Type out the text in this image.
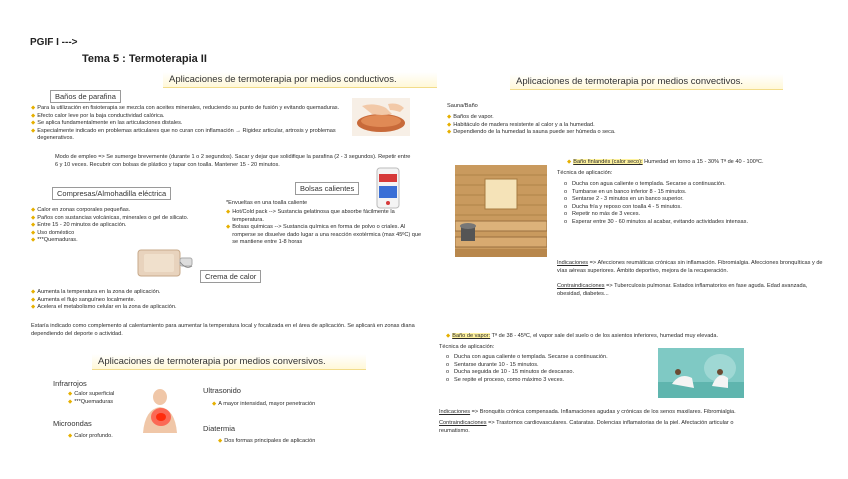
PGIF I --->
Tema 5 : Termoterapia II
Aplicaciones de termoterapia por medios conductivos.
Baños de parafina
◆ Para la utilización en fisioterapia se mezcla con aceites minerales, reduciendo su punto de fusión y evitando quemaduras.
◆ Efecto calor leve por la baja conductividad calórica.
◆ Se aplica fundamentalmente en las articulaciones distales.
◆ Especialmente indicado en problemas articulares que no curan con inflamación → Rigidez articular, artrosis y problemas degenerativos.
Modo de empleo => Se sumerge brevemente (durante 1 o 2 segundos). Sacar y dejar que solidifique la parafina (2 - 3 segundos). Repetir entre 6 y 10 veces. Recubrir con bolsas de plástico y tapar con toalla. Mantener 15 - 20 minutos.
Compresas/Almohadilla eléctrica
◆ Calor en zonas corporales pequeñas.
◆ Paños con sustancias volcánicas, minerales o gel de silicato.
◆ Entre 15 - 20 minutos de aplicación.
◆ Uso doméstico
◆ ***Quemaduras.
Bolsas calientes
*Envueltas en una toalla caliente
◆ Hot/Cold pack --> Sustancia gelatinosa que absorbe fácilmente la temperatura.
◆ Bolsas químicas --> Sustancia química en forma de polvo o criales. Al romperse se disuelve dado lugar a una reacción exotérmica (max 45ºC) que se mantiene entre 1-8 horas
Crema de calor
◆ Aumenta la temperatura en la zona de aplicación.
◆ Aumenta el flujo sanguíneo localmente.
◆ Acelera el metabolismo celular en la zona de aplicación.
Estaría indicado como complemento al calentamiento para aumentar la temperatura local y focalizada en el área de aplicación. Se aplicará en zonas diana dependiendo del deporte o actividad.
Aplicaciones de termoterapia por medios conversivos.
Infrarrojos
◆ Calor superficial
◆ ***Quemaduras
Microondas
◆ Calor profundo.
Ultrasonido
◆ A mayor intensidad, mayor penetración
Diatermia
◆ Dos formas principales de aplicación
Aplicaciones de termoterapia por medios convectivos.
Sauna/Baño
◆ Baños de vapor.
◆ Habitáculo de madera resistente al calor y a la humedad.
◆ Dependiendo de la humedad la sauna puede ser húmeda o seca.
◆ Baño finlandés (calor seco): Humedad en torno a 15 - 30% Tª de 40 - 100ºC.
Técnica de aplicación:
o Ducha con agua caliente o templada. Secarse a continuación.
o Tumbarse en un banco inferior 8 - 15 minutos.
o Sentarse 2 - 3 minutos en un banco superior.
o Ducha fría y reposo con toalla 4 - 5 minutos.
o Repetir no más de 3 veces.
o Esperar entre 30 - 60 minutos al acabar, evitando actividades intensas.
Indicaciones => Afecciones reumáticas crónicas sin inflamación. Fibromialgia. Afecciones bronquíticas y de vías aéreas superiores. Ámbito deportivo, mejora de la recuperación.
Contraindicaciones => Tuberculosis pulmonar. Estados inflamatorios en fase aguda. Edad avanzada, obesidad, diabetes...
◆ Baño de vapor: Tª de 38 - 45ºC, el vapor sale del suelo o de los asientos inferiores, humedad muy elevada.
Técnica de aplicación:
o Ducha con agua caliente o templada. Secarse a continuación.
o Sentarse durante 10 - 15 minutos.
o Ducha seguida de 10 - 15 minutos de descanso.
o Se repite el proceso, como máximo 3 veces.
Indicaciones => Bronquitis crónica compensada. Inflamaciones agudas y crónicas de los senos maxilares. Fibromialgia.
Contraindicaciones => Trastornos cardiovasculares. Cataratas. Dolencias inflamatorias de la piel. Afectación articular o reumatismo.
